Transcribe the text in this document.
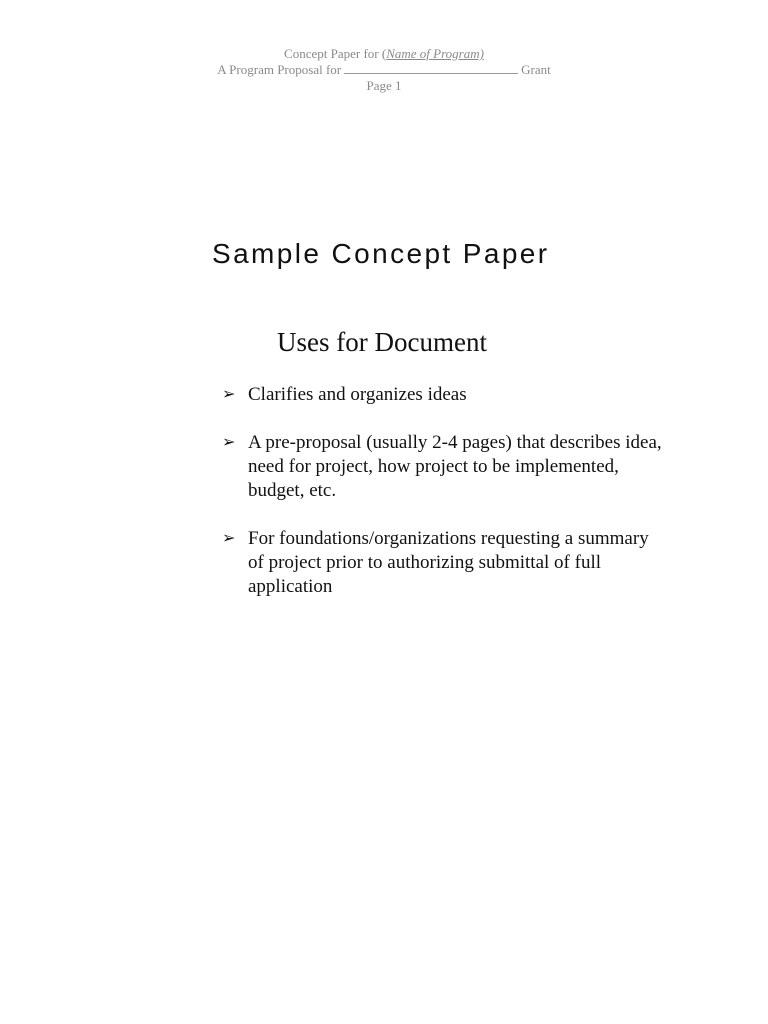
Concept Paper for (Name of Program)
A Program Proposal for	Grant
Page 1
Sample Concept Paper
Uses for Document
➢ Clarifies and organizes ideas
➢ A pre-proposal (usually 2-4 pages) that describes idea, need for project, how project to be implemented, budget, etc.
➢ For foundations/organizations requesting a summary of project prior to authorizing submittal of full application
